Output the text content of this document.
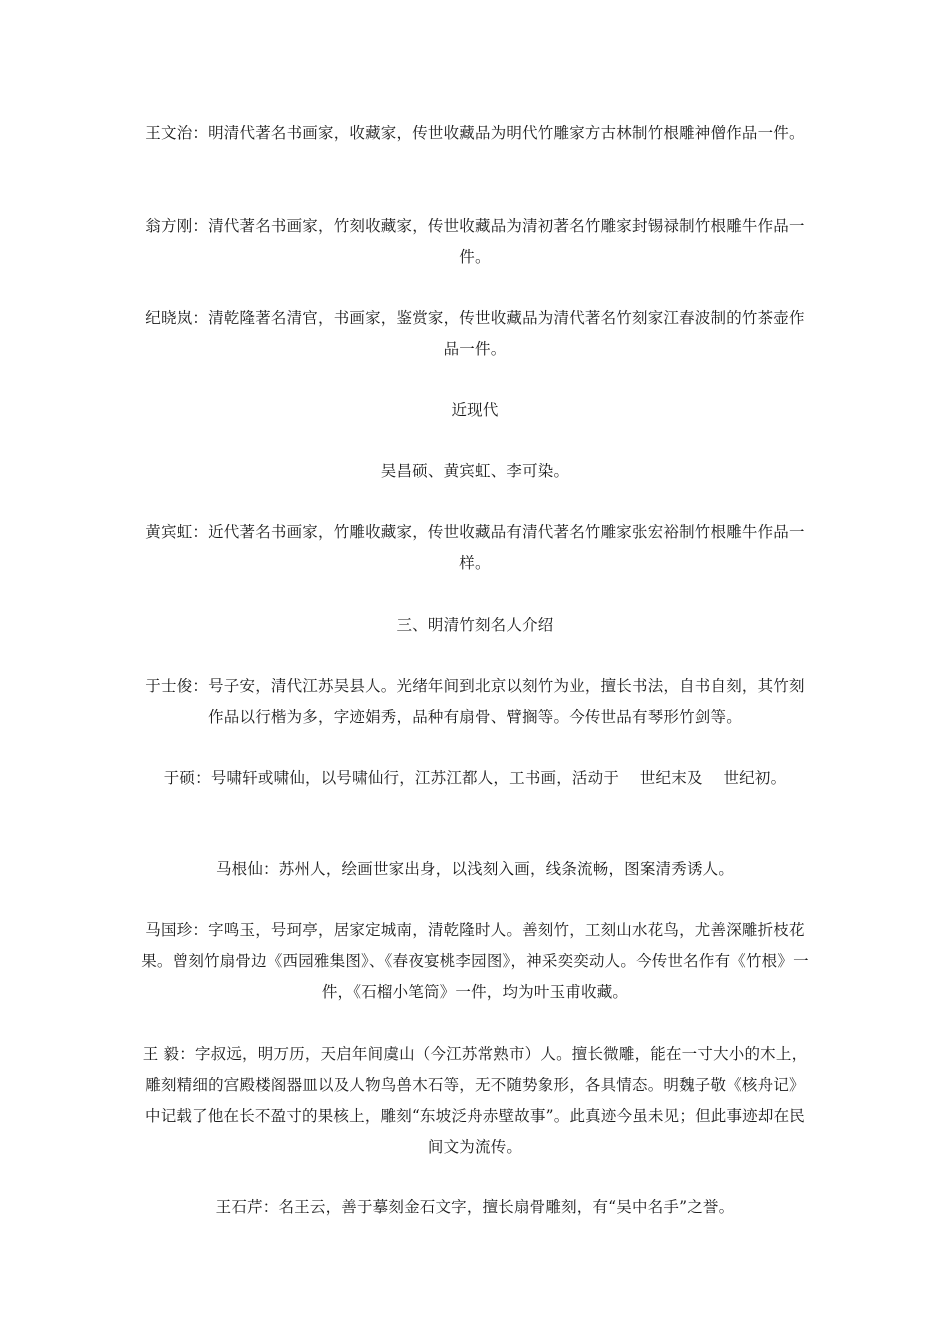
王文治：明清代著名书画家，收藏家，传世收藏品为明代竹雕家方古林制竹根雕神僧作品一件。

翁方刚：清代著名书画家，竹刻收藏家，传世收藏品为清初著名竹雕家封锡禄制竹根雕牛作品一件。

纪晓岚：清乾隆著名清官，书画家，鉴赏家，传世收藏品为清代著名竹刻家江春波制的竹茶壶作品一件。

近现代

吴昌硕、黄宾虹、李可染。

黄宾虹：近代著名书画家，竹雕收藏家，传世收藏品有清代著名竹雕家张宏裕制竹根雕牛作品一样。

三、明清竹刻名人介绍

于士俊：号子安，清代江苏吴县人。光绪年间到北京以刻竹为业，擅长书法，自书自刻，其竹刻作品以行楷为多，字迹娟秀，品种有扇骨、臂搁等。今传世品有琴形竹剑等。

于硕：号啸轩或啸仙，以号啸仙行，江苏江都人，工书画，活动于　 世纪末及　 世纪初。

马根仙：苏州人，绘画世家出身，以浅刻入画，线条流畅，图案清秀诱人。

马国珍：字鸣玉，号珂亭，居家定城南，清乾隆时人。善刻竹，工刻山水花鸟，尤善深雕折枝花果。曾刻竹扇骨边《西园雅集图》、《春夜宴桃李园图》，神采奕奕动人。今传世名作有《竹根》一件，《石榴小笔筒》一件，均为叶玉甫收藏。

王 毅：字叔远，明万历，天启年间虞山（今江苏常熟市）人。擅长微雕，能在一寸大小的木上，雕刻精细的宫殿楼阁器皿以及人物鸟兽木石等，无不随势象形，各具情态。明魏子敬《核舟记》中记载了他在长不盈寸的果核上，雕刻“东坡泛舟赤壁故事”。此真迹今虽未见；但此事迹却在民间文为流传。

王石芹：名王云，善于摹刻金石文字，擅长扇骨雕刻，有“吴中名手”之誉。
